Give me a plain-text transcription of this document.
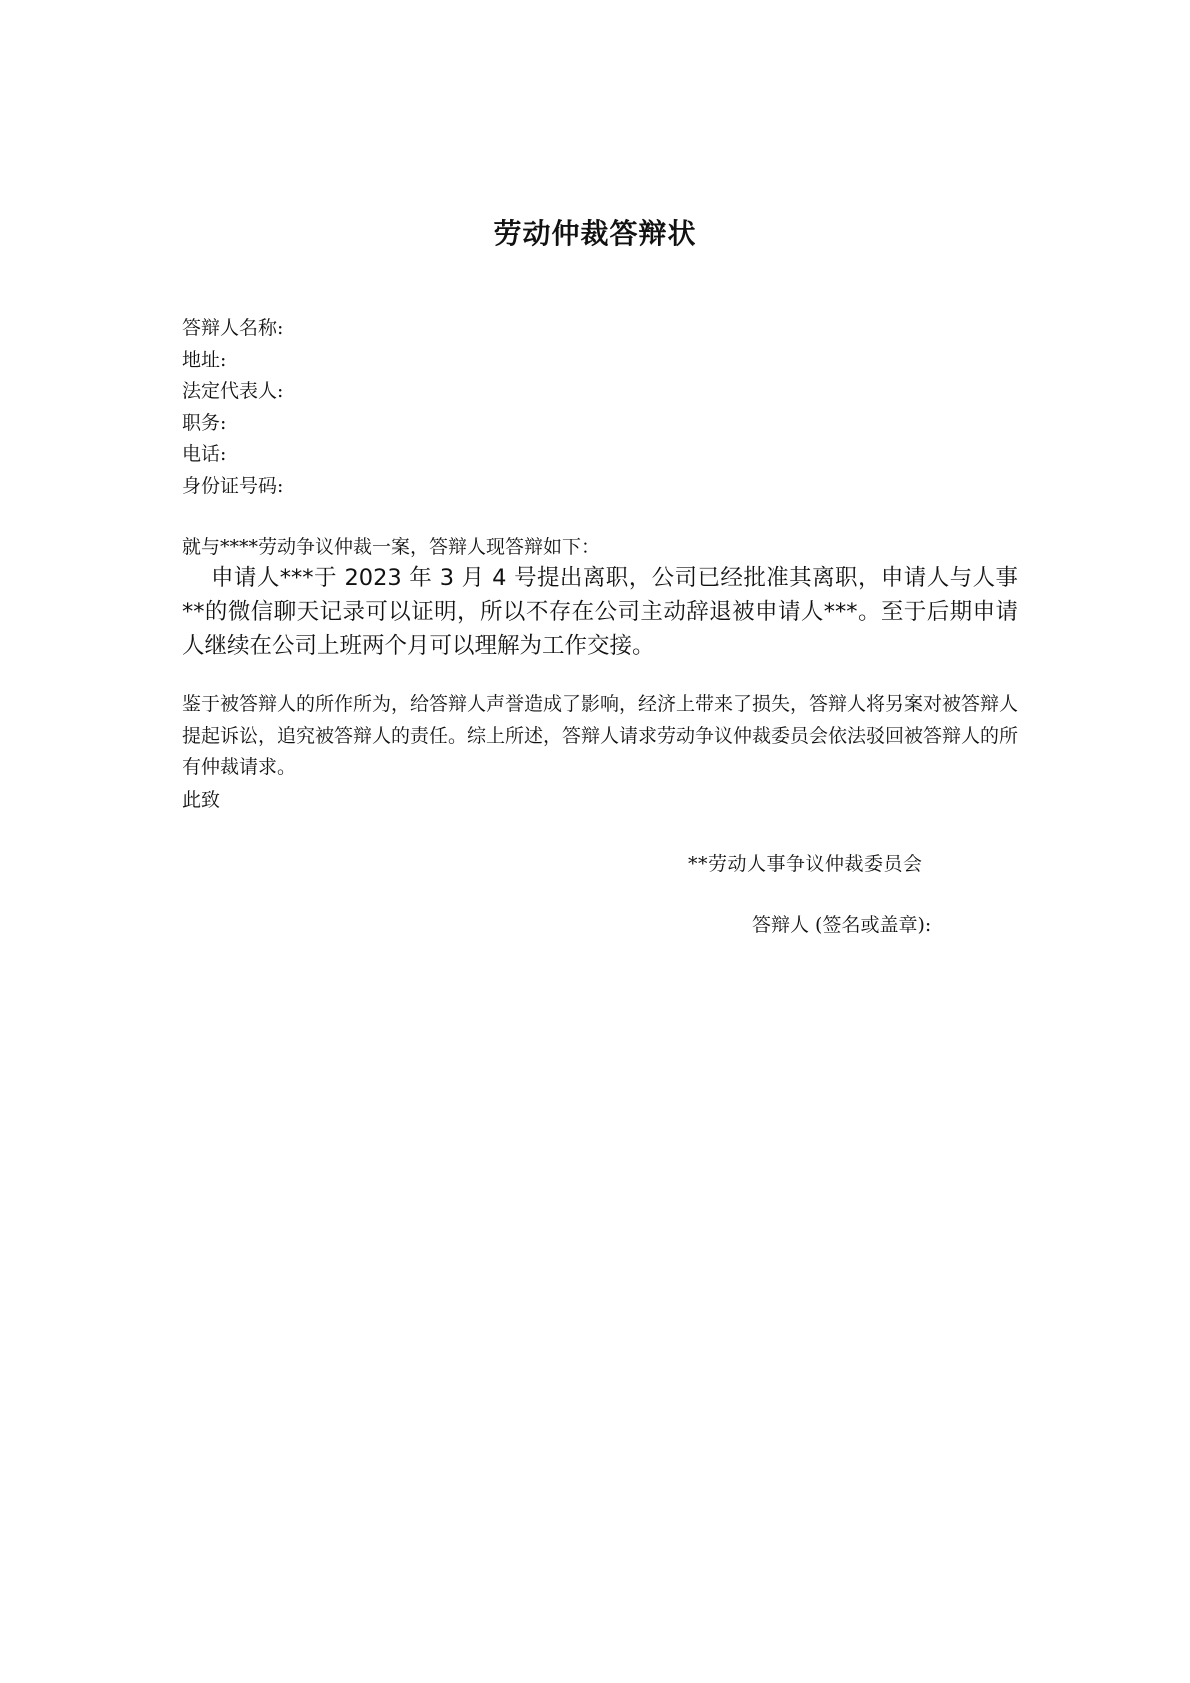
劳动仲裁答辩状
答辩人名称:
地址:
法定代表人:
职务:
电话:
身份证号码:
就与****劳动争议仲裁一案，答辩人现答辩如下：
申请人***于 2023 年 3 月 4 号提出离职，公司已经批准其离职，申请人与人事**的微信聊天记录可以证明，所以不存在公司主动辞退被申请人***。至于后期申请人继续在公司上班两个月可以理解为工作交接。
鉴于被答辩人的所作所为，给答辩人声誉造成了影响，经济上带来了损失，答辩人将另案对被答辩人提起诉讼，追究被答辩人的责任。综上所述，答辩人请求劳动争议仲裁委员会依法驳回被答辩人的所有仲裁请求。
此致
**劳动人事争议仲裁委员会
答辩人 (签名或盖章):
